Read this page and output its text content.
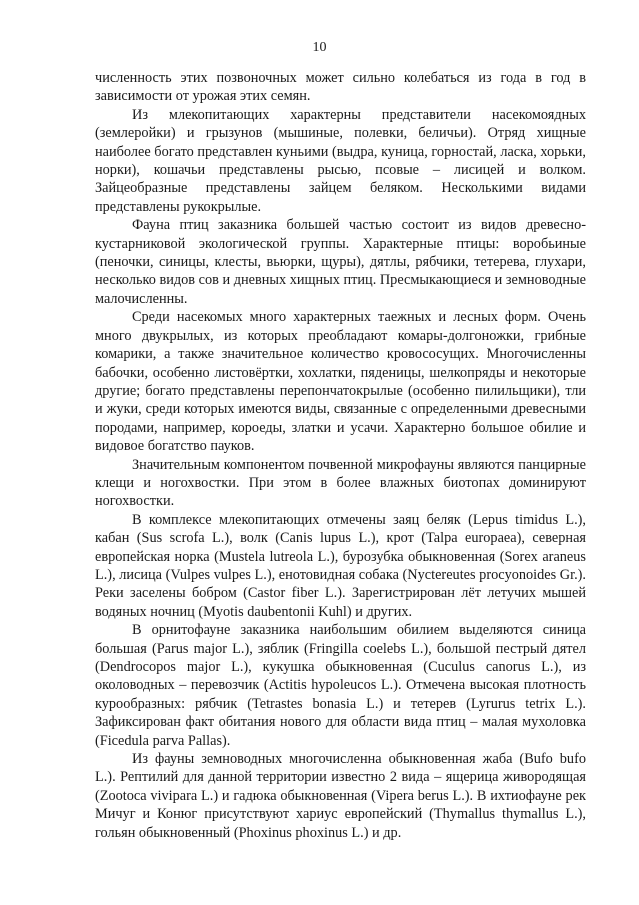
10

численность этих позвоночных может сильно колебаться из года в год в зависимости от урожая этих семян.

Из млекопитающих характерны представители насекомоядных (землеройки) и грызунов (мышиные, полевки, беличьи). Отряд хищные наиболее богато представлен куньими (выдра, куница, горностай, ласка, хорьки, норки), кошачьи представлены рысью, псовые – лисицей и волком. Зайцеобразные представлены зайцем беляком. Несколькими видами представлены рукокрылые.

Фауна птиц заказника большей частью состоит из видов древесно-кустарниковой экологической группы. Характерные птицы: воробьиные (пеночки, синицы, клесты, вьюрки, щуры), дятлы, рябчики, тетерева, глухари, несколько видов сов и дневных хищных птиц. Пресмыкающиеся и земноводные малочисленны.

Среди насекомых много характерных таежных и лесных форм. Очень много двукрылых, из которых преобладают комары-долгоножки, грибные комарики, а также значительное количество кровососущих. Многочисленны бабочки, особенно листовёртки, хохлатки, пяденицы, шелкопряды и некоторые другие; богато представлены перепончатокрылые (особенно пилильщики), тли и жуки, среди которых имеются виды, связанные с определенными древесными породами, например, короеды, златки и усачи. Характерно большое обилие и видовое богатство пауков.

Значительным компонентом почвенной микрофауны являются панцирные клещи и ногохвостки. При этом в более влажных биотопах доминируют ногохвостки.

В комплексе млекопитающих отмечены заяц беляк (Lepus timidus L.), кабан (Sus scrofa L.), волк (Canis lupus L.), крот (Talpa europaea), северная европейская норка (Mustela lutreola L.), бурозубка обыкновенная (Sorex araneus L.), лисица (Vulpes vulpes L.), енотовидная собака (Nyctereutes procyonoides Gr.). Реки заселены бобром (Castor fiber L.). Зарегистрирован лёт летучих мышей водяных ночниц (Myotis daubentonii Kuhl) и других.

В орнитофауне заказника наибольшим обилием выделяются синица большая (Parus major L.), зяблик (Fringilla coelebs L.), большой пестрый дятел (Dendrocopos major L.), кукушка обыкновенная (Cuculus canorus L.), из околоводных – перевозчик (Actitis hypoleucos L.). Отмечена высокая плотность курообразных: рябчик (Tetrastes bonasia L.) и тетерев (Lyrurus tetrix L.). Зафиксирован факт обитания нового для области вида птиц – малая мухоловка (Ficedula parva Pallas).

Из фауны земноводных многочисленна обыкновенная жаба (Bufo bufo L.). Рептилий для данной территории известно 2 вида – ящерица живородящая (Zootoca vivipara L.) и гадюка обыкновенная (Vipera berus L.). В ихтиофауне рек Мичуг и Конюг присутствуют хариус европейский (Thymallus thymallus L.), гольян обыкновенный (Phoxinus phoxinus L.) и др.
